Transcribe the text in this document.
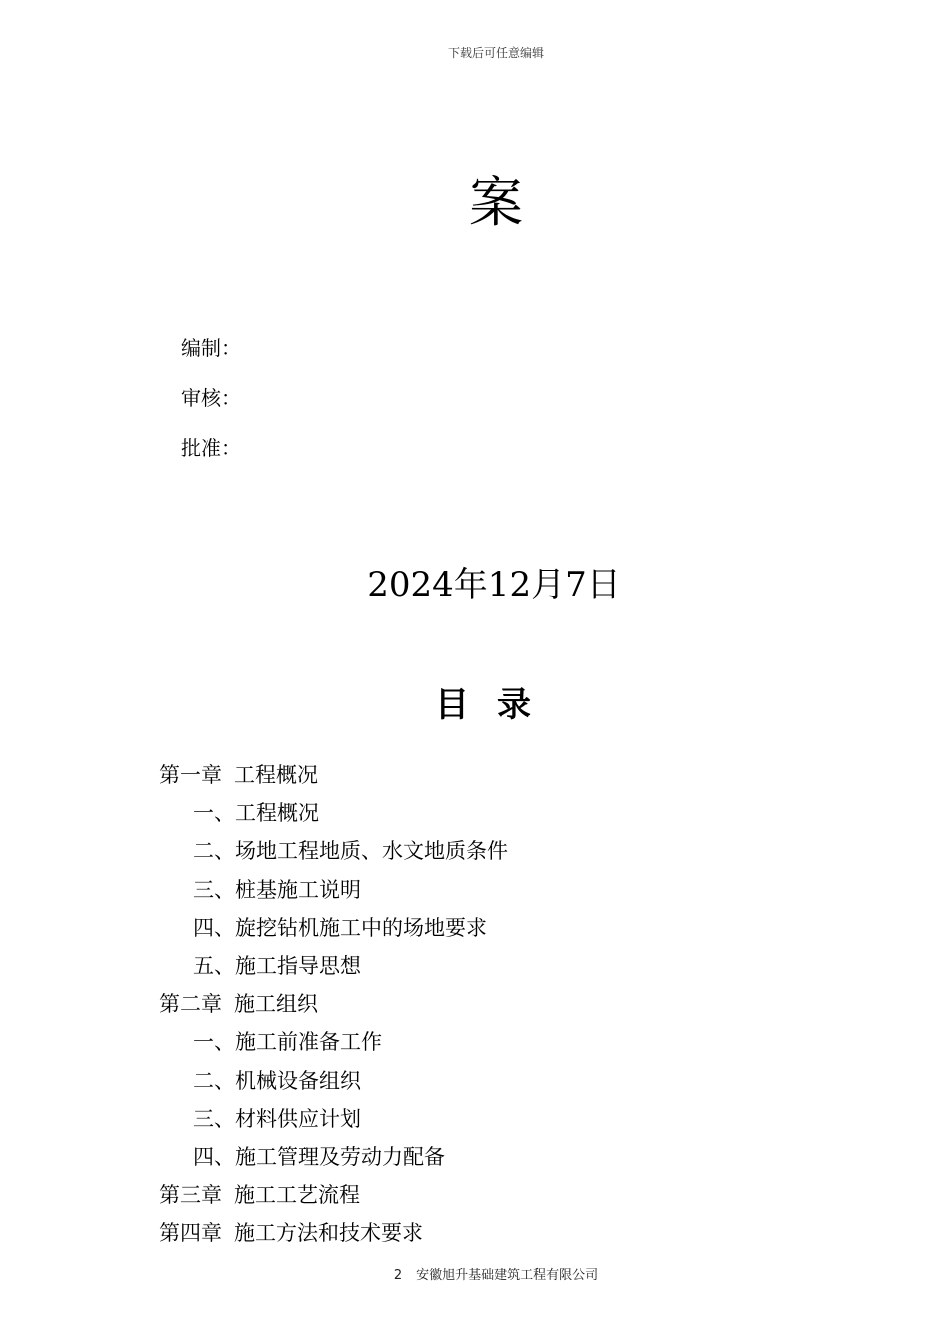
下载后可任意编辑
案
编制：
审核：
批准：
2024年12月7日
目录
第一章 工程概况
一、工程概况
二、场地工程地质、水文地质条件
三、桩基施工说明
四、旋挖钻机施工中的场地要求
五、施工指导思想
第二章 施工组织
一、施工前准备工作
二、机械设备组织
三、材料供应计划
四、施工管理及劳动力配备
第三章 施工工艺流程
第四章 施工方法和技术要求
2 安徽旭升基础建筑工程有限公司
